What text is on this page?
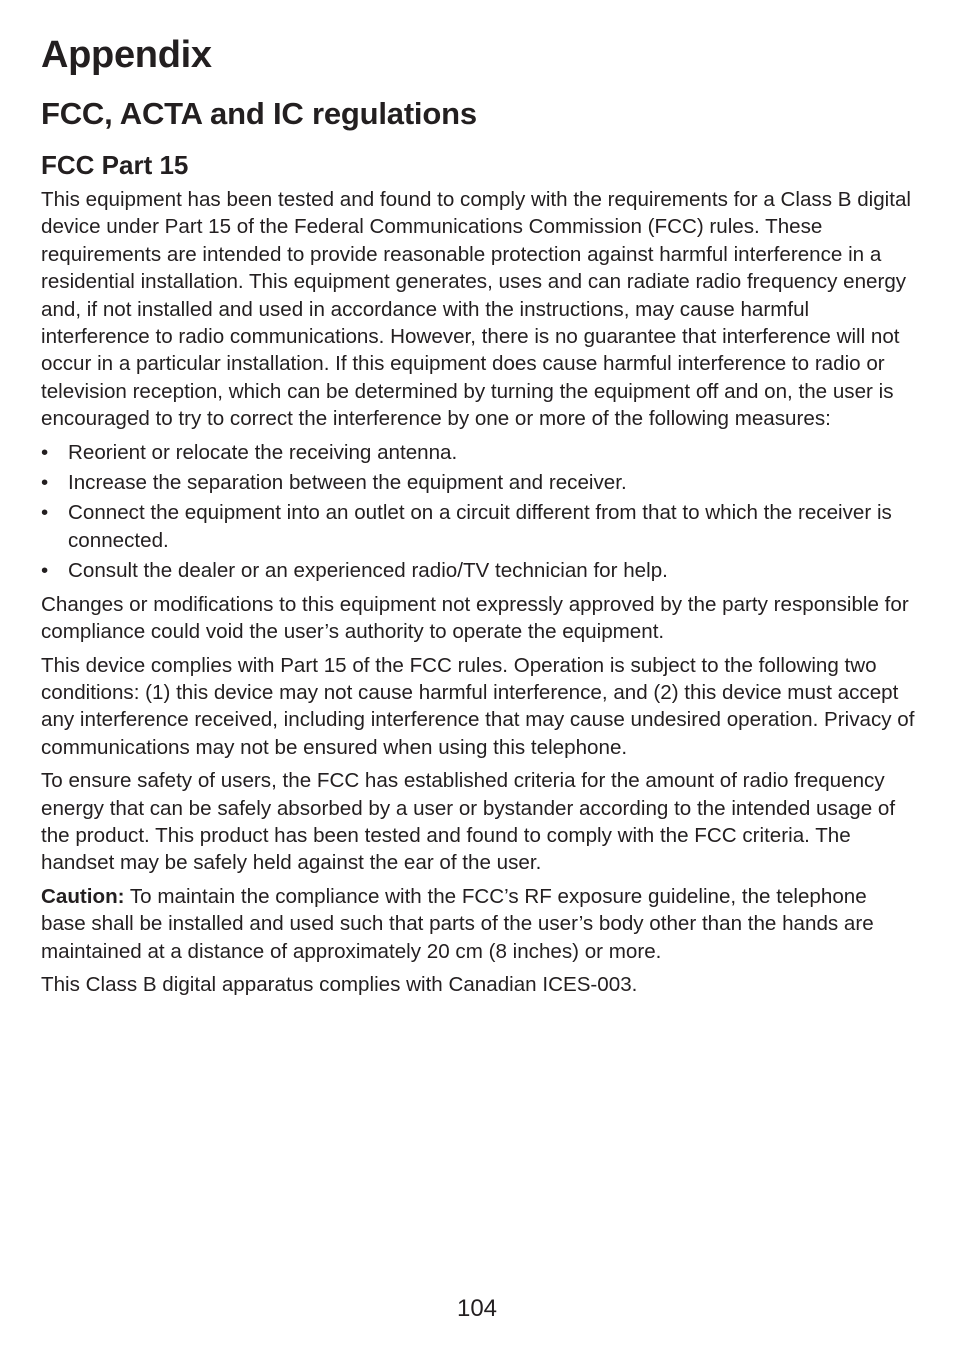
Appendix
FCC, ACTA and IC regulations
FCC Part 15

This equipment has been tested and found to comply with the requirements for a Class B digital device under Part 15 of the Federal Communications Commission (FCC) rules. These requirements are intended to provide reasonable protection against harmful interference in a residential installation. This equipment generates, uses and can radiate radio frequency energy and, if not installed and used in accordance with the instructions, may cause harmful interference to radio communications. However, there is no guarantee that interference will not occur in a particular installation. If this equipment does cause harmful interference to radio or television reception, which can be determined by turning the equipment off and on, the user is encouraged to try to correct the interference by one or more of the following measures:

• Reorient or relocate the receiving antenna.
• Increase the separation between the equipment and receiver.
• Connect the equipment into an outlet on a circuit different from that to which the receiver is connected.
• Consult the dealer or an experienced radio/TV technician for help.

Changes or modifications to this equipment not expressly approved by the party responsible for compliance could void the user’s authority to operate the equipment.

This device complies with Part 15 of the FCC rules. Operation is subject to the following two conditions: (1) this device may not cause harmful interference, and (2) this device must accept any interference received, including interference that may cause undesired operation. Privacy of communications may not be ensured when using this telephone.

To ensure safety of users, the FCC has established criteria for the amount of radio frequency energy that can be safely absorbed by a user or bystander according to the intended usage of the product. This product has been tested and found to comply with the FCC criteria. The handset may be safely held against the ear of the user.

Caution: To maintain the compliance with the FCC’s RF exposure guideline, the telephone base shall be installed and used such that parts of the user’s body other than the hands are maintained at a distance of approximately 20 cm (8 inches) or more.

This Class B digital apparatus complies with Canadian ICES-003.

104
